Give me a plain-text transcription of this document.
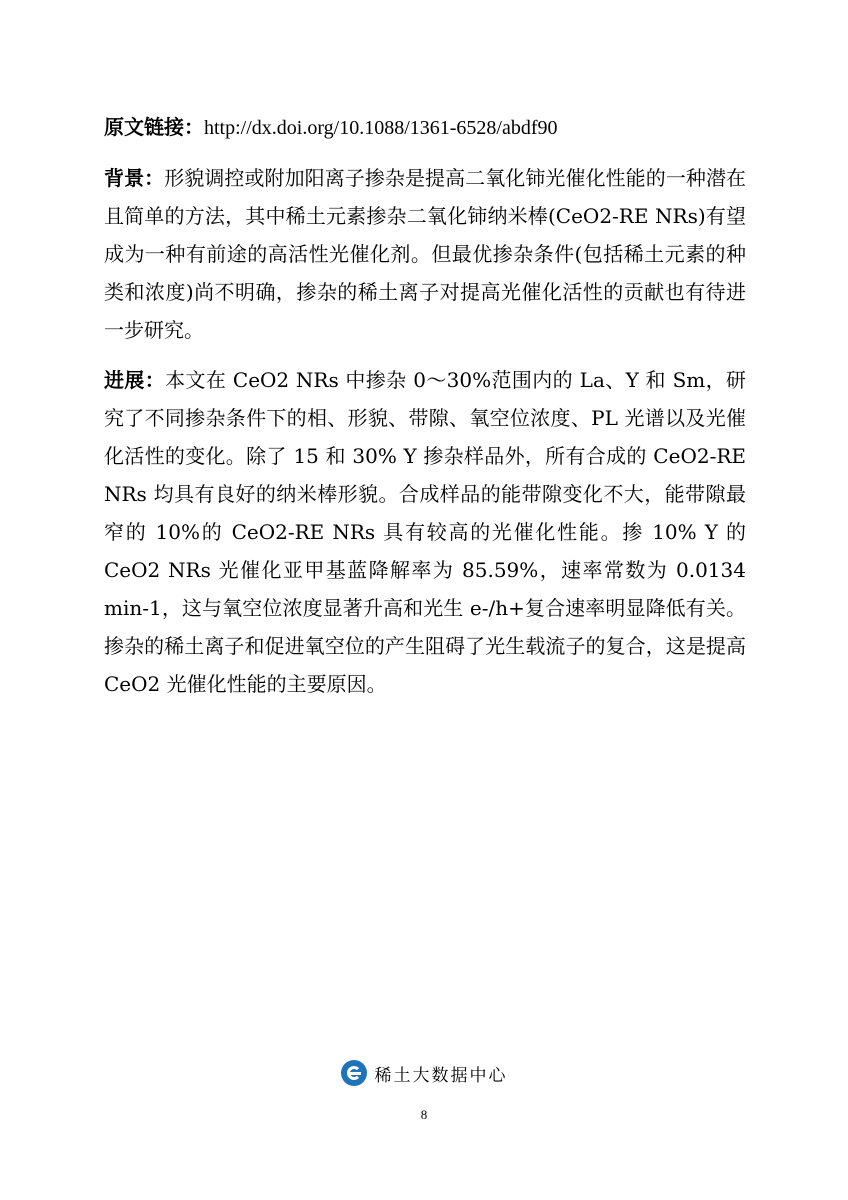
原文链接：http://dx.doi.org/10.1088/1361-6528/abdf90

背景：形貌调控或附加阳离子掺杂是提高二氧化铈光催化性能的一种潜在且简单的方法，其中稀土元素掺杂二氧化铈纳米棒(CeO2-RE NRs)有望成为一种有前途的高活性光催化剂。但最优掺杂条件(包括稀土元素的种类和浓度)尚不明确，掺杂的稀土离子对提高光催化活性的贡献也有待进一步研究。

进展：本文在 CeO2 NRs 中掺杂 0～30%范围内的 La、Y 和 Sm，研究了不同掺杂条件下的相、形貌、带隙、氧空位浓度、PL 光谱以及光催化活性的变化。除了 15 和 30% Y 掺杂样品外，所有合成的 CeO2-RE NRs 均具有良好的纳米棒形貌。合成样品的能带隙变化不大，能带隙最窄的 10%的 CeO2-RE NRs 具有较高的光催化性能。掺 10% Y 的 CeO2 NRs 光催化亚甲基蓝降解率为 85.59%，速率常数为 0.0134 min-1，这与氧空位浓度显著升高和光生 e-/h+复合速率明显降低有关。掺杂的稀土离子和促进氧空位的产生阻碍了光生载流子的复合，这是提高 CeO2 光催化性能的主要原因。

稀土大数据中心
8
